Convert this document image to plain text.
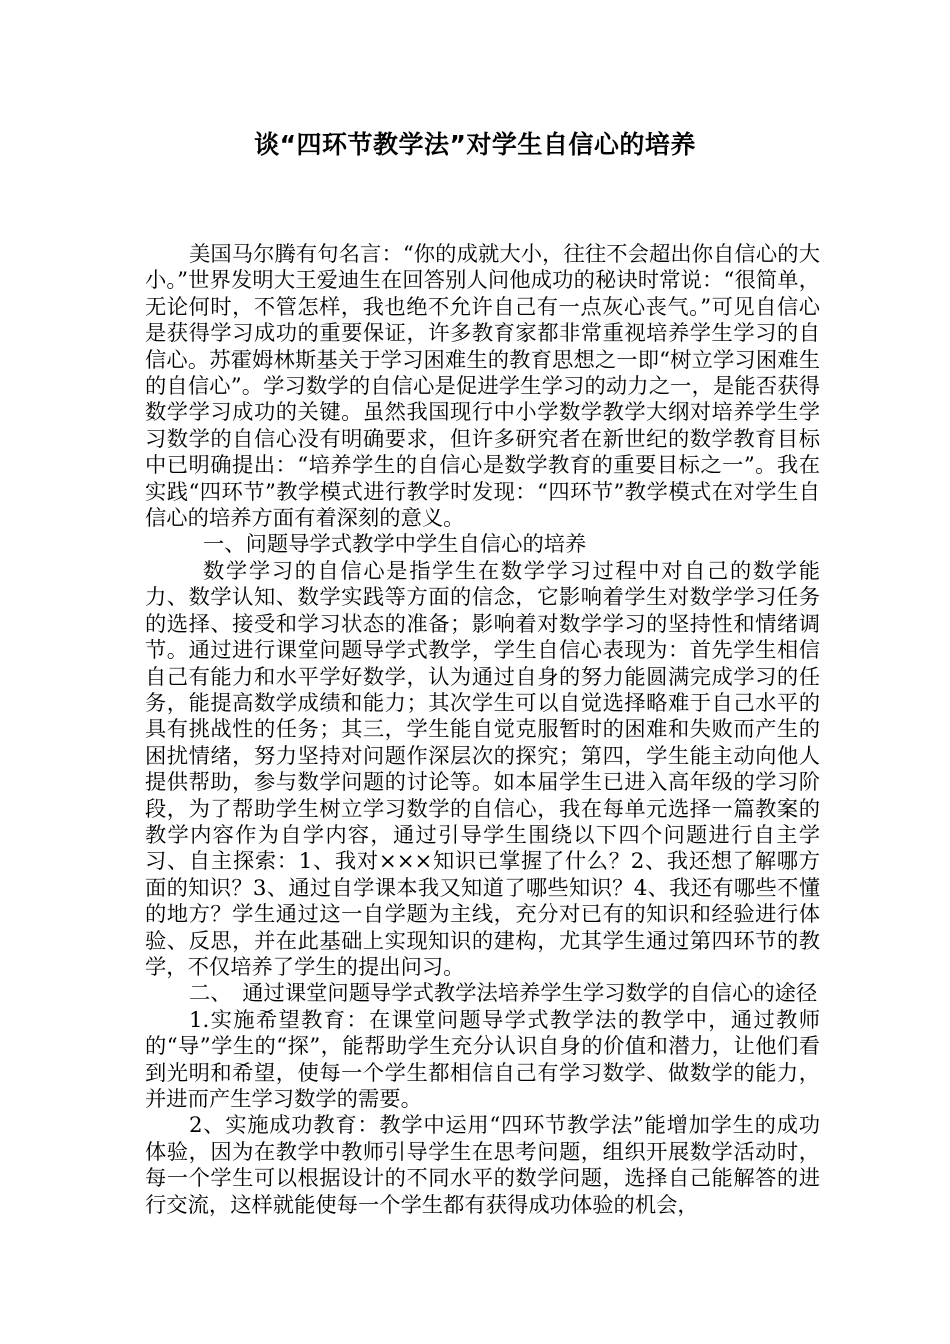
谈“四环节教学法”对学生自信心的培养

美国马尔腾有句名言：“你的成就大小，往往不会超出你自信心的大小。”世界发明大王爱迪生在回答别人问他成功的秘诀时常说：“很简单，无论何时，不管怎样，我也绝不允许自己有一点灰心丧气。”可见自信心是获得学习成功的重要保证，许多教育家都非常重视培养学生学习的自信心。苏霍姆林斯基关于学习困难生的教育思想之一即“树立学习困难生的自信心”。学习数学的自信心是促进学生学习的动力之一，是能否获得数学学习成功的关键。虽然我国现行中小学数学教学大纲对培养学生学习数学的自信心没有明确要求，但许多研究者在新世纪的数学教育目标中已明确提出：“培养学生的自信心是数学教育的重要目标之一”。我在实践“四环节”教学模式进行教学时发现：“四环节”教学模式在对学生自信心的培养方面有着深刻的意义。

一、问题导学式教学中学生自信心的培养

数学学习的自信心是指学生在数学学习过程中对自己的数学能力、数学认知、数学实践等方面的信念，它影响着学生对数学学习任务的选择、接受和学习状态的准备；影响着对数学学习的坚持性和情绪调节。通过进行课堂问题导学式教学，学生自信心表现为：首先学生相信自己有能力和水平学好数学，认为通过自身的努力能圆满完成学习的任务，能提高数学成绩和能力；其次学生可以自觉选择略难于自己水平的具有挑战性的任务；其三，学生能自觉克服暂时的困难和失败而产生的困扰情绪，努力坚持对问题作深层次的探究；第四，学生能主动向他人提供帮助，参与数学问题的讨论等。如本届学生已进入高年级的学习阶段，为了帮助学生树立学习数学的自信心，我在每单元选择一篇教案的教学内容作为自学内容，通过引导学生围绕以下四个问题进行自主学习、自主探索：1、我对×××知识已掌握了什么？2、我还想了解哪方面的知识？3、通过自学课本我又知道了哪些知识？4、我还有哪些不懂的地方？学生通过这一自学题为主线，充分对已有的知识和经验进行体验、反思，并在此基础上实现知识的建构，尤其学生通过第四环节的教学，不仅培养了学生的提出问习。

二、　通过课堂问题导学式教学法培养学生学习数学的自信心的途径

1.实施希望教育：在课堂问题导学式教学法的教学中，通过教师的“导”学生的“探”，能帮助学生充分认识自身的价值和潜力，让他们看到光明和希望，使每一个学生都相信自己有学习数学、做数学的能力，并进而产生学习数学的需要。

2、实施成功教育：教学中运用“四环节教学法”能增加学生的成功体验，因为在教学中教师引导学生在思考问题，组织开展数学活动时，每一个学生可以根据设计的不同水平的数学问题，选择自己能解答的进行交流，这样就能使每一个学生都有获得成功体验的机会，
